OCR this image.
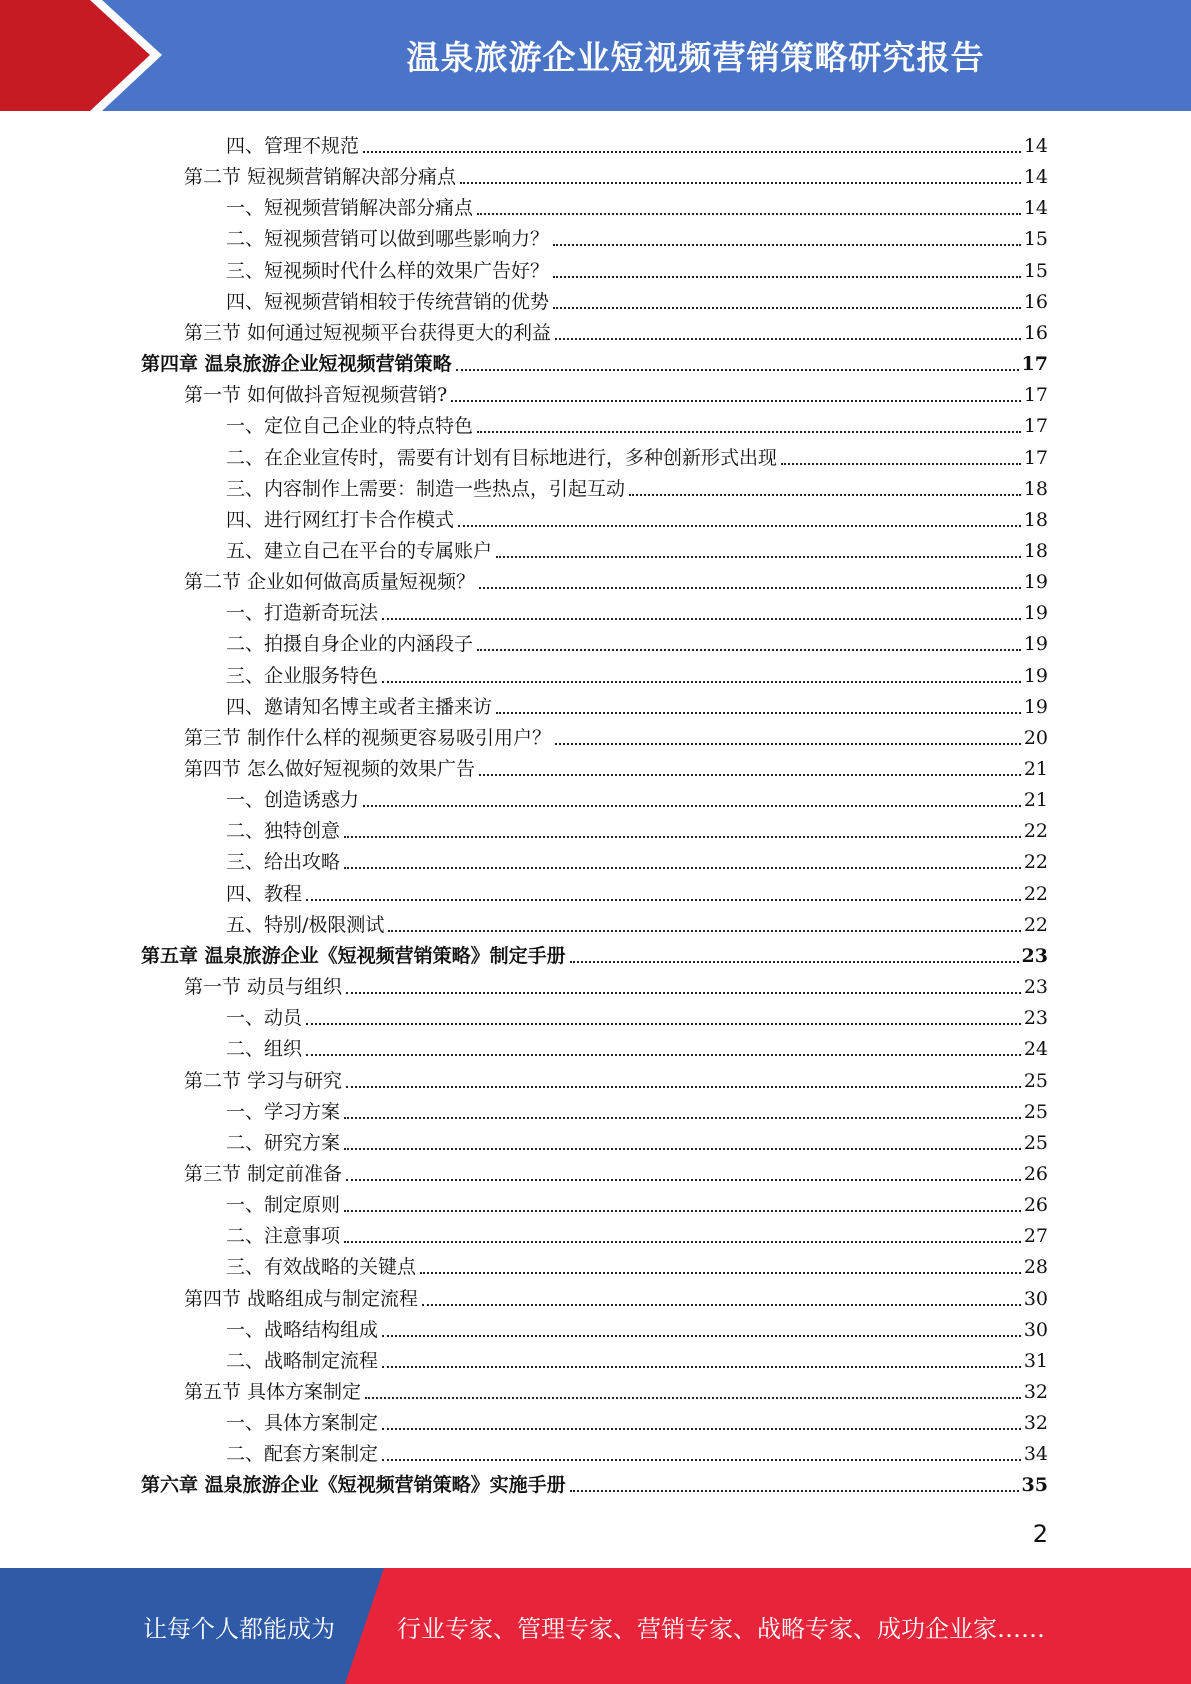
温泉旅游企业短视频营销策略研究报告
四、管理不规范	14
第二节 短视频营销解决部分痛点	14
一、短视频营销解决部分痛点	14
二、短视频营销可以做到哪些影响力？	15
三、短视频时代什么样的效果广告好？	15
四、短视频营销相较于传统营销的优势	16
第三节 如何通过短视频平台获得更大的利益	16
第四章 温泉旅游企业短视频营销策略	17
第一节 如何做抖音短视频营销?	17
一、定位自己企业的特点特色	17
二、在企业宣传时，需要有计划有目标地进行，多种创新形式出现	17
三、内容制作上需要：制造一些热点，引起互动	18
四、进行网红打卡合作模式	18
五、建立自己在平台的专属账户	18
第二节 企业如何做高质量短视频？	19
一、打造新奇玩法	19
二、拍摄自身企业的内涵段子	19
三、企业服务特色	19
四、邀请知名博主或者主播来访	19
第三节 制作什么样的视频更容易吸引用户？	20
第四节 怎么做好短视频的效果广告	21
一、创造诱惑力	21
二、独特创意	22
三、给出攻略	22
四、教程	22
五、特别/极限测试	22
第五章 温泉旅游企业《短视频营销策略》制定手册	23
第一节 动员与组织	23
一、动员	23
二、组织	24
第二节 学习与研究	25
一、学习方案	25
二、研究方案	25
第三节 制定前准备	26
一、制定原则	26
二、注意事项	27
三、有效战略的关键点	28
第四节 战略组成与制定流程	30
一、战略结构组成	30
二、战略制定流程	31
第五节 具体方案制定	32
一、具体方案制定	32
二、配套方案制定	34
第六章 温泉旅游企业《短视频营销策略》实施手册	35
2
让每个人都能成为	行业专家、管理专家、营销专家、战略专家、成功企业家……
